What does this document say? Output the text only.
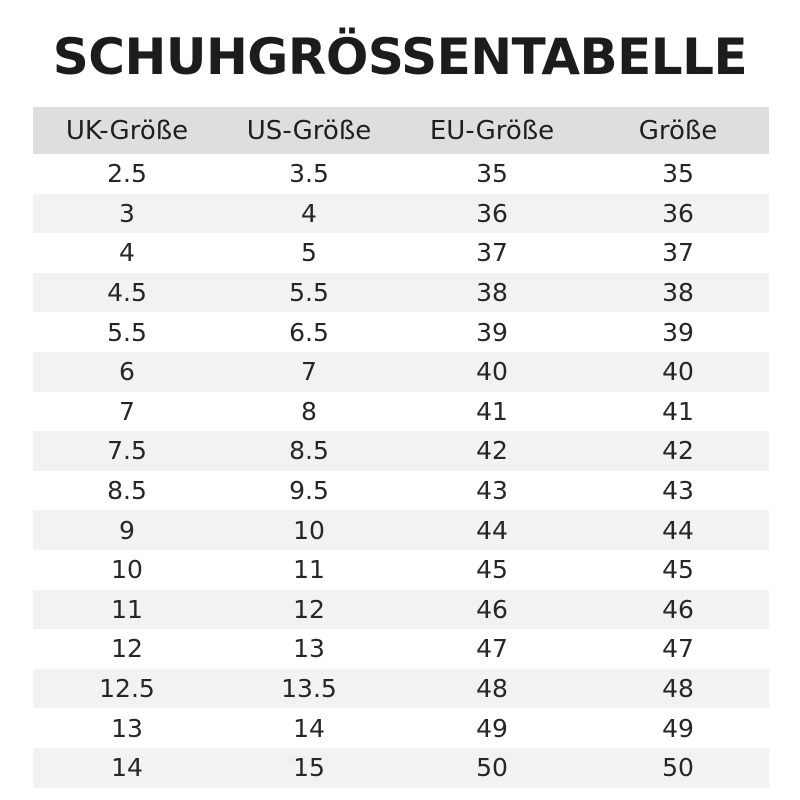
SCHUHGRÖSSENTABELLE
UK-Größe	US-Größe	EU-Größe	Größe
2.5	3.5	35	35
3	4	36	36
4	5	37	37
4.5	5.5	38	38
5.5	6.5	39	39
6	7	40	40
7	8	41	41
7.5	8.5	42	42
8.5	9.5	43	43
9	10	44	44
10	11	45	45
11	12	46	46
12	13	47	47
12.5	13.5	48	48
13	14	49	49
14	15	50	50
